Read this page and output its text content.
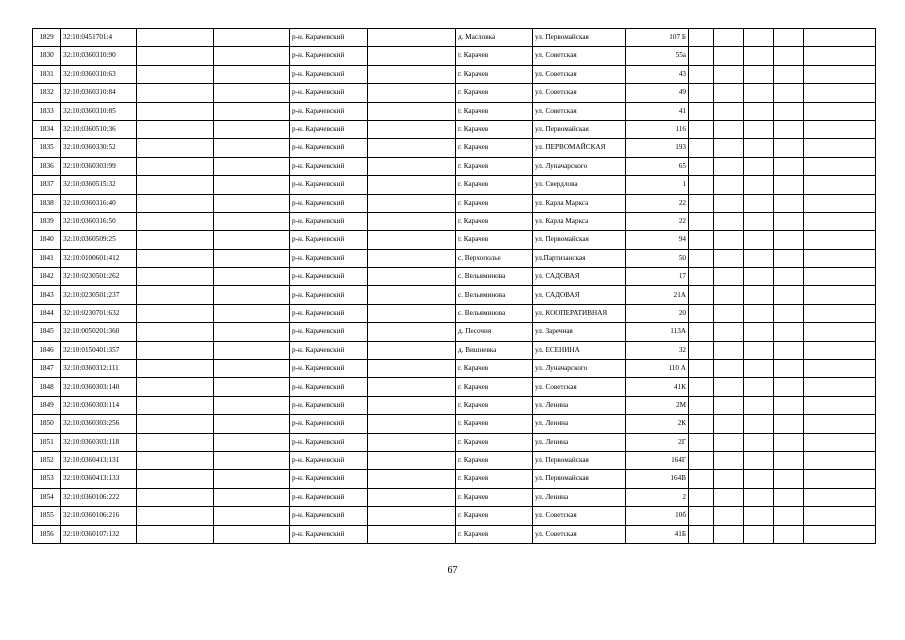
1829	32:10:0451701:4			р-н. Карачевский		д. Масловка	ул. Первомайская	107 Б					
1830	32:10:0360310:90			р-н. Карачевский		г. Карачев	ул. Советская	55а					
1831	32:10:0360310:63			р-н. Карачевский		г. Карачев	ул. Советская	43					
1832	32:10:0360310:84			р-н. Карачевский		г. Карачев	ул. Советская	49					
1833	32:10:0360310:85			р-н. Карачевский		г. Карачев	ул. Советская	41					
1834	32:10:0360510:36			р-н. Карачевский		г. Карачев	ул. Первомайская	116					
1835	32:10:0360330:52			р-н. Карачевский		г. Карачев	ул. ПЕРВОМАЙСКАЯ	193					
1836	32:10:0360303:99			р-н. Карачевский		г. Карачев	ул. Луначарского	65					
1837	32:10:0360515:32			р-н. Карачевский		г. Карачев	ул. Свердлова	1					
1838	32:10:0360316:40			р-н. Карачевский		г. Карачев	ул. Карла Маркса	22					
1839	32:10:0360316:50			р-н. Карачевский		г. Карачев	ул. Карла Маркса	22					
1840	32:10:0360509:25			р-н. Карачевский		г. Карачев	ул. Первомайская	94					
1841	32:10:0100601:412			р-н. Карачевский		с. Верхополье	ул.Партизанская	50					
1842	32:10:0230501:262			р-н. Карачевский		с. Вельяминова	ул. САДОВАЯ	17					
1843	32:10:0230501:237			р-н. Карачевский		с. Вельяминова	ул. САДОВАЯ	21А					
1844	32:10:0230701:632			р-н. Карачевский		с. Вельяминова	ул. КООПЕРАТИВНАЯ	20					
1845	32:10:0050201:360			р-н. Карачевский		д. Песочня	ул. Заречная	113А					
1846	32:10:0150401:357			р-н. Карачевский		д. Вишневка	ул. ЕСЕНИНА	32					
1847	32:10:0360312:111			р-н. Карачевский		г. Карачев	ул. Луначарского	110 А					
1848	32:10:0360303:140			р-н. Карачевский		г. Карачев	ул. Советская	41К					
1849	32:10:0360303:114			р-н. Карачевский		г. Карачев	ул. Ленина	2М					
1850	32:10:0360303:256			р-н. Карачевский		г. Карачев	ул. Ленина	2К					
1851	32:10:0360303:118			р-н. Карачевский		г. Карачев	ул. Ленина	2Г					
1852	32:10:0360413:131			р-н. Карачевский		г. Карачев	ул. Первомайская	164Г					
1853	32:10:0360413:133			р-н. Карачевский		г. Карачев	ул. Первомайская	164В					
1854	32:10:0360106:222			р-н. Карачевский		г. Карачев	ул. Ленина	2					
1855	32:10:0360106:216			р-н. Карачевский		г. Карачев	ул. Советская	10б					
1856	32:10:0360107:132			р-н. Карачевский		г. Карачев	ул. Советская	41Б					
67
